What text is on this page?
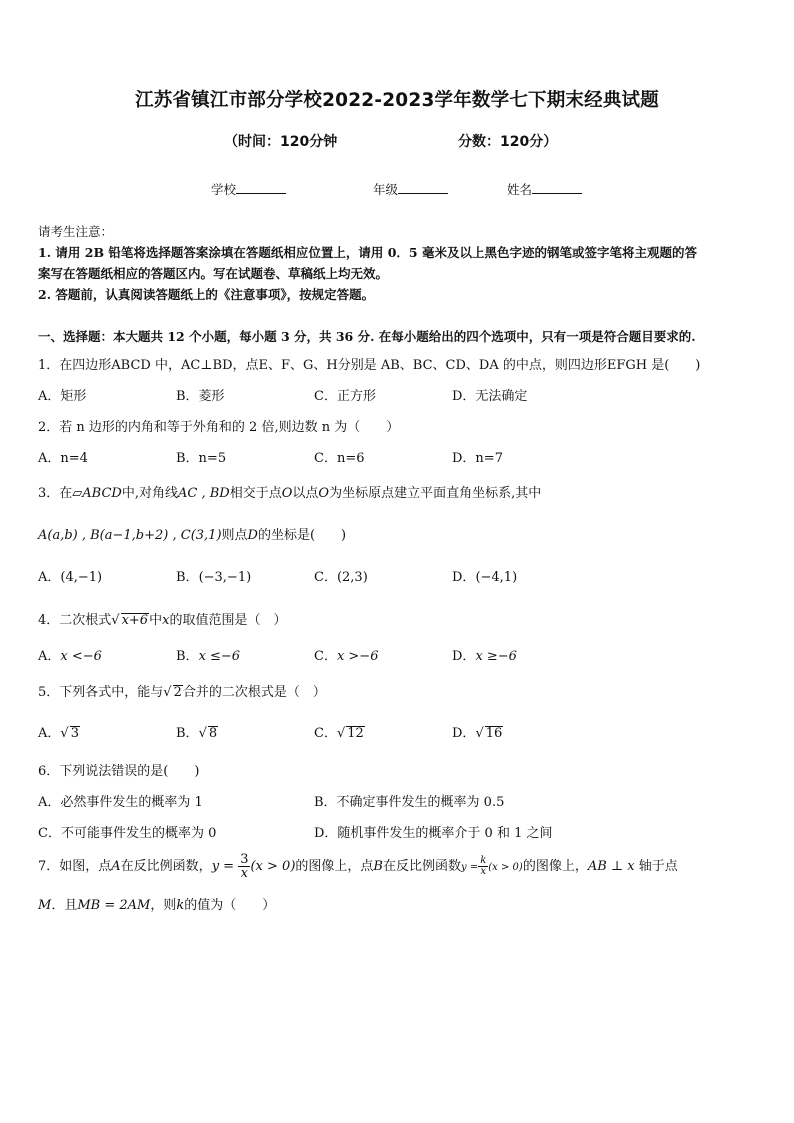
江苏省镇江市部分学校2022-2023学年数学七下期末经典试题
（时间：120分钟	分数：120分）
学校	年级	姓名
请考生注意：
1. 请用 2B 铅笔将选择题答案涂填在答题纸相应位置上，请用 0．5 毫米及以上黑色字迹的钢笔或签字笔将主观题的答
案写在答题纸相应的答题区内。写在试题卷、草稿纸上均无效。
2. 答题前，认真阅读答题纸上的《注意事项》，按规定答题。
一、选择题：本大题共 12 个小题，每小题 3 分，共 36 分. 在每小题给出的四个选项中，只有一项是符合题目要求的.
1．在四边形ABCD 中，AC⊥BD，点E、F、G、H分别是 AB、BC、CD、DA 的中点，则四边形EFGH 是(　　)
A．矩形	B．菱形	C．正方形	D．无法确定
2．若 n 边形的内角和等于外角和的 2 倍,则边数 n 为（　　）
A．n=4	B．n=5	C．n=6	D．n=7
3．在▱ABCD中,对角线AC , BD相交于点O以点O为坐标原点建立平面直角坐标系,其中
A(a,b) , B(a−1,b+2) , C(3,1)则点D的坐标是(　　)
A．(4,−1)	B．(−3,−1)	C．(2,3)	D．(−4,1)
4．二次根式√ x+6中x的取值范围是（　）
A．x <−6	B．x ≤−6	C．x >−6	D．x ≥−6
5．下列各式中，能与√ 2合并的二次根式是（　）
A．√ 3	B．√ 8	C．√ 12	D．√ 16
6．下列说法错误的是(　　)
A．必然事件发生的概率为 1	B．不确定事件发生的概率为 0.5
C．不可能事件发生的概率为 0	D．随机事件发生的概率介于 0 和 1 之间
7．如图，点A在反比例函数，$y = \frac{3}{x} (x > 0)$的图像上，点B在反比例函数$y = \frac{k}{x} (x > 0)$的图像上，AB ⊥ x 轴于点
M．且MB = 2AM，则k的值为（　　）
